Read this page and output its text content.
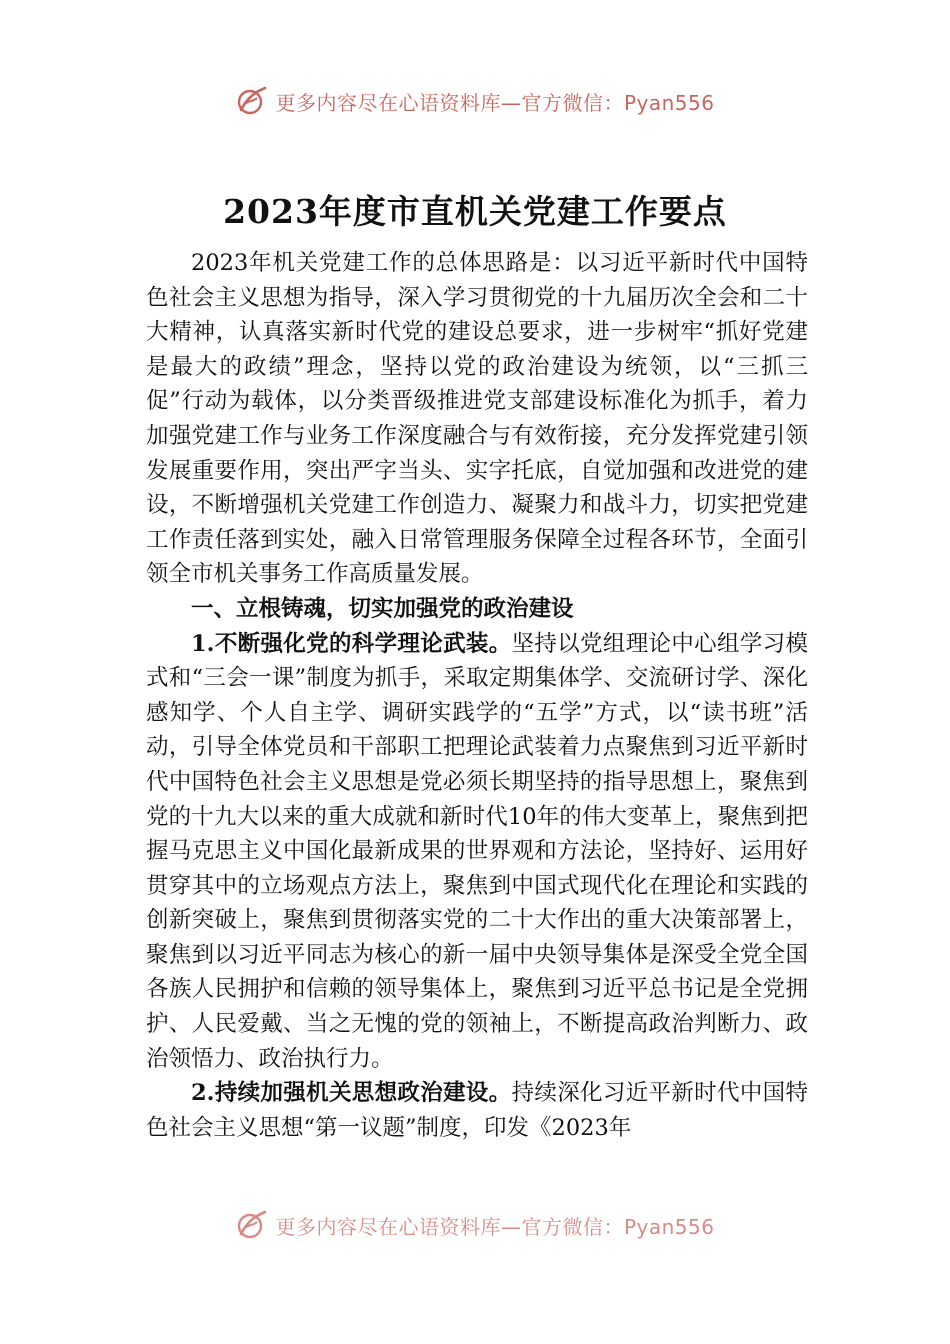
更多内容尽在心语资料库—官方微信：Pyan556
2023年度市直机关党建工作要点

2023年机关党建工作的总体思路是：以习近平新时代中国特色社会主义思想为指导，深入学习贯彻党的十九届历次全会和二十大精神，认真落实新时代党的建设总要求，进一步树牢“抓好党建是最大的政绩”理念，坚持以党的政治建设为统领，以“三抓三促”行动为载体，以分类晋级推进党支部建设标准化为抓手，着力加强党建工作与业务工作深度融合与有效衔接，充分发挥党建引领发展重要作用，突出严字当头、实字托底，自觉加强和改进党的建设，不断增强机关党建工作创造力、凝聚力和战斗力，切实把党建工作责任落到实处，融入日常管理服务保障全过程各环节，全面引领全市机关事务工作高质量发展。

一、立根铸魂，切实加强党的政治建设

1.不断强化党的科学理论武装。坚持以党组理论中心组学习模式和“三会一课”制度为抓手，采取定期集体学、交流研讨学、深化感知学、个人自主学、调研实践学的“五学”方式，以“读书班”活动，引导全体党员和干部职工把理论武装着力点聚焦到习近平新时代中国特色社会主义思想是党必须长期坚持的指导思想上，聚焦到党的十九大以来的重大成就和新时代10年的伟大变革上，聚焦到把握马克思主义中国化最新成果的世界观和方法论，坚持好、运用好贯穿其中的立场观点方法上，聚焦到中国式现代化在理论和实践的创新突破上，聚焦到贯彻落实党的二十大作出的重大决策部署上，聚焦到以习近平同志为核心的新一届中央领导集体是深受全党全国各族人民拥护和信赖的领导集体上，聚焦到习近平总书记是全党拥护、人民爱戴、当之无愧的党的领袖上，不断提高政治判断力、政治领悟力、政治执行力。

2.持续加强机关思想政治建设。持续深化习近平新时代中国特色社会主义思想“第一议题”制度，印发《2023年

更多内容尽在心语资料库—官方微信：Pyan556
